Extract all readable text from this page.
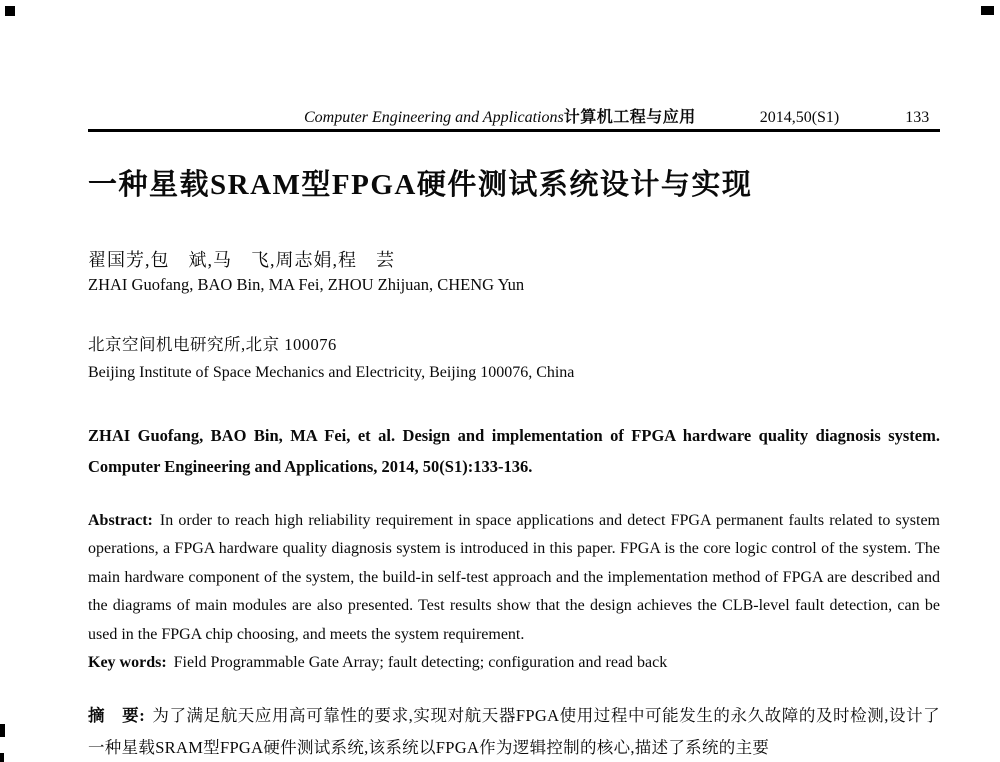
Computer Engineering and Applications 计算机工程与应用	2014,50(S1)	133
一种星载SRAM型FPGA硬件测试系统设计与实现

翟国芳,包　斌,马　飞,周志娟,程　芸

ZHAI Guofang, BAO Bin, MA Fei, ZHOU Zhijuan, CHENG Yun

北京空间机电研究所,北京 100076

Beijing Institute of Space Mechanics and Electricity, Beijing 100076, China

ZHAI Guofang, BAO Bin, MA Fei, et al. Design and implementation of FPGA hardware quality diagnosis system. Computer Engineering and Applications, 2014, 50(S1):133-136.

Abstract: In order to reach high reliability requirement in space applications and detect FPGA permanent faults related to system operations, a FPGA hardware quality diagnosis system is introduced in this paper. FPGA is the core logic control of the system. The main hardware component of the system, the build-in self-test approach and the implementation method of FPGA are described and the diagrams of main modules are also presented. Test results show that the design achieves the CLB-level fault detection, can be used in the FPGA chip choosing, and meets the system requirement.

Key words: Field Programmable Gate Array; fault detecting; configuration and read back

摘　要: 为了满足航天应用高可靠性的要求,实现对航天器FPGA使用过程中可能发生的永久故障的及时检测,设计了一种星载SRAM型FPGA硬件测试系统,该系统以FPGA作为逻辑控制的核心,描述了系统的主要
